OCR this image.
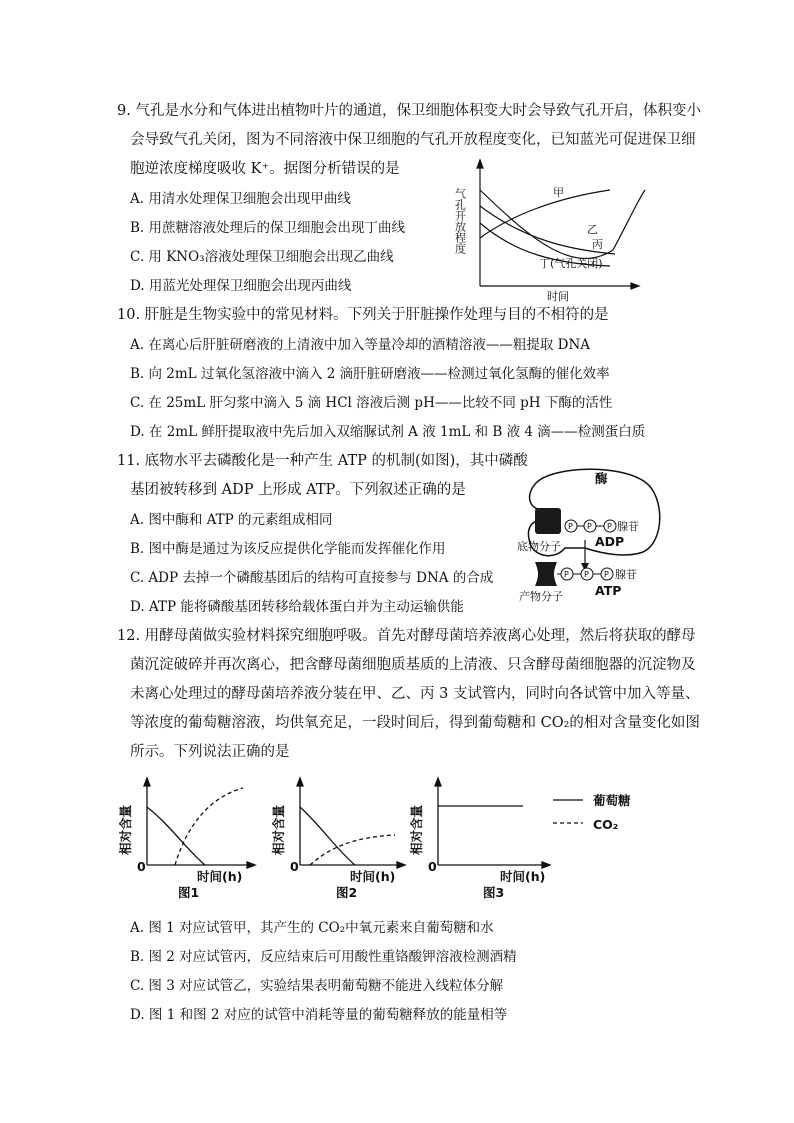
9. 气孔是水分和气体进出植物叶片的通道，保卫细胞体积变大时会导致气孔开启，体积变小
会导致气孔关闭，图为不同溶液中保卫细胞的气孔开放程度变化，已知蓝光可促进保卫细
胞逆浓度梯度吸收 K⁺。据图分析错误的是
A. 用清水处理保卫细胞会出现甲曲线
B. 用蔗糖溶液处理后的保卫细胞会出现丁曲线
C. 用 KNO₃溶液处理保卫细胞会出现乙曲线
D. 用蓝光处理保卫细胞会出现丙曲线
气孔开放程度
时间
甲
乙
丙
丁(气孔关闭)
10. 肝脏是生物实验中的常见材料。下列关于肝脏操作处理与目的不相符的是
A. 在离心后肝脏研磨液的上清液中加入等量冷却的酒精溶液——粗提取 DNA
B. 向 2mL 过氧化氢溶液中滴入 2 滴肝脏研磨液——检测过氧化氢酶的催化效率
C. 在 25mL 肝匀浆中滴入 5 滴 HCl 溶液后测 pH——比较不同 pH 下酶的活性
D. 在 2mL 鲜肝提取液中先后加入双缩脲试剂 A 液 1mL 和 B 液 4 滴——检测蛋白质
11. 底物水平去磷酸化是一种产生 ATP 的机制(如图)，其中磷酸
基团被转移到 ADP 上形成 ATP。下列叙述正确的是
A. 图中酶和 ATP 的元素组成相同
B. 图中酶是通过为该反应提供化学能而发挥催化作用
C. ADP 去掉一个磷酸基团后的结构可直接参与 DNA 的合成
D. ATP 能将磷酸基团转移给载体蛋白并为主动运输供能
酶
P P P 腺苷
底物分子	ADP
P P P 腺苷
产物分子	ATP
12. 用酵母菌做实验材料探究细胞呼吸。首先对酵母菌培养液离心处理，然后将获取的酵母
菌沉淀破碎并再次离心，把含酵母菌细胞质基质的上清液、只含酵母菌细胞器的沉淀物及
未离心处理过的酵母菌培养液分装在甲、乙、丙 3 支试管内，同时向各试管中加入等量、
等浓度的葡萄糖溶液，均供氧充足，一段时间后，得到葡萄糖和 CO₂的相对含量变化如图
所示。下列说法正确的是
相对含量	相对含量	相对含量
0	0	0
时间(h)	时间(h)	时间(h)
图1	图2	图3
葡萄糖
CO₂
A. 图 1 对应试管甲，其产生的 CO₂中氧元素来自葡萄糖和水
B. 图 2 对应试管丙，反应结束后可用酸性重铬酸钾溶液检测酒精
C. 图 3 对应试管乙，实验结果表明葡萄糖不能进入线粒体分解
D. 图 1 和图 2 对应的试管中消耗等量的葡萄糖释放的能量相等
